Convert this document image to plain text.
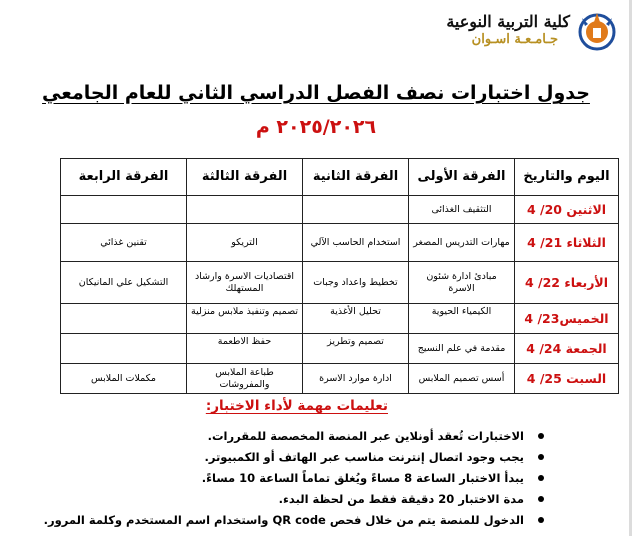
كلية التربية النوعية
جـامـعـة اسـوان
جدول اختبارات نصف الفصل الدراسي الثاني للعام الجامعي
٢٠٢٥/٢٠٢٦ م
اليوم والتاريخ	الفرقة الأولى	الفرقة الثانية	الفرقة الثالثة	الفرقة الرابعة
الاثنين 20/ 4	التثقيف الغذائى			
الثلاثاء 21/ 4	مهارات التدريس المصغر	استخدام الحاسب الآلي	التريكو	تقنين غذائي
الأربعاء 22/ 4	مبادئ ادارة شئون الاسرة	تخطيط واعداد وجبات	اقتصاديات الاسرة وارشاد المستهلك	التشكيل علي المانيكان
الخميس23/ 4	الكيمياء الحيوية	تحليل الأغذية	تصميم وتنفيذ ملابس منزلية	
الجمعة 24/ 4	مقدمة في علم النسيج	تصميم وتطريز	حفظ الاطعمة	
السبت 25/ 4	أسس تصميم الملابس	ادارة موارد الاسرة	طباعة الملابس والمفروشات	مكملات الملابس
تعليمات مهمة لأداء الاختبار:
الاختبارات تُعقد أونلاين عبر المنصة المخصصة للمقررات.
يجب وجود اتصال إنترنت مناسب عبر الهاتف أو الكمبيوتر.
يبدأ الاختبار الساعة 8 مساءً ويُغلق تماماً الساعة 10 مساءً.
مدة الاختبار 20 دقيقة فقط من لحظة البدء.
الدخول للمنصة يتم من خلال فحص QR code واستخدام اسم المستخدم وكلمة المرور.
